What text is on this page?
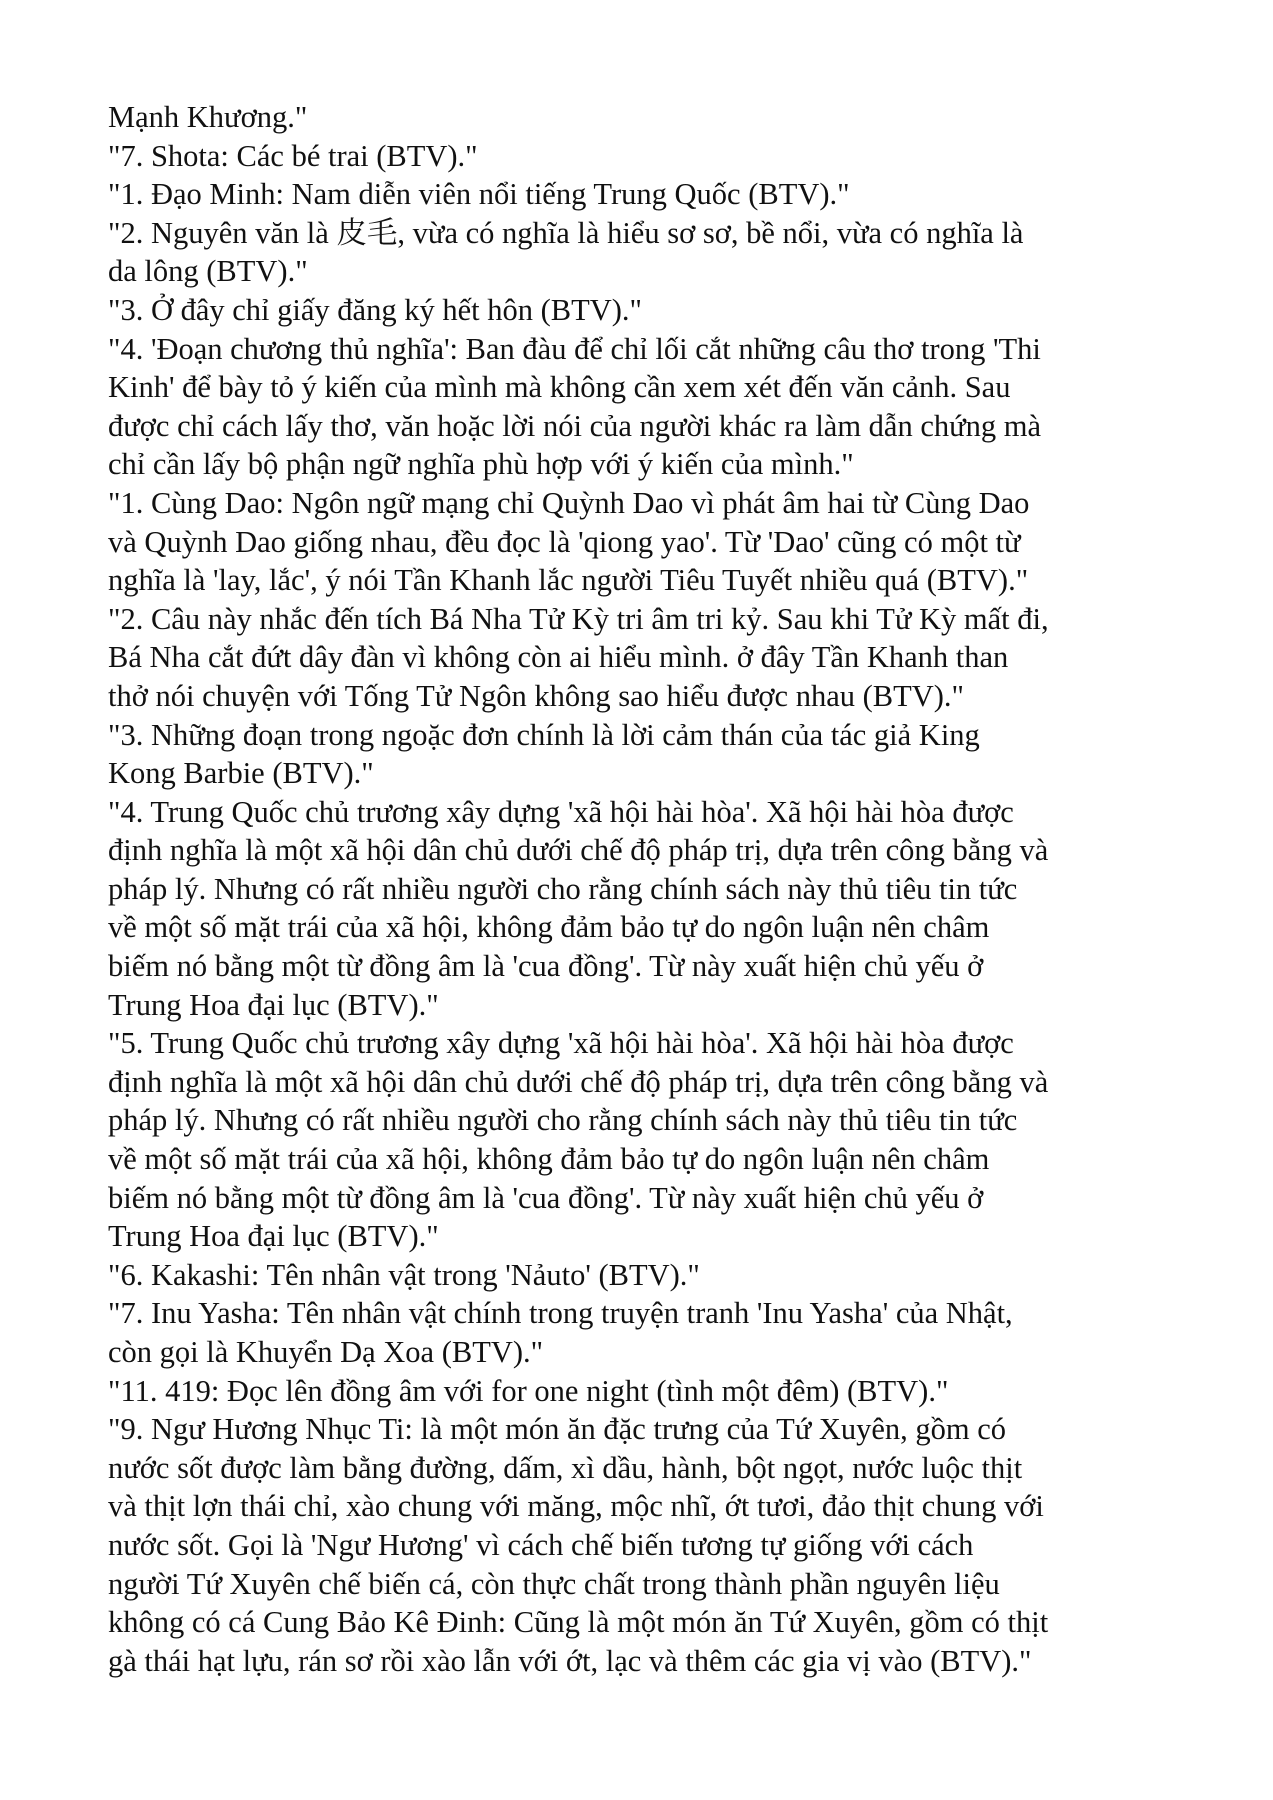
Mạnh Khương."
"7. Shota: Các bé trai (BTV)."
"1. Đạo Minh: Nam diễn viên nổi tiếng Trung Quốc (BTV)."
"2. Nguyên văn là 皮毛, vừa có nghĩa là hiểu sơ sơ, bề nổi, vừa có nghĩa là
da lông (BTV)."
"3. Ở đây chỉ giấy đăng ký hết hôn (BTV)."
"4. 'Đoạn chương thủ nghĩa': Ban đàu để chỉ lối cắt những câu thơ trong 'Thi
Kinh' để bày tỏ ý kiến của mình mà không cần xem xét đến văn cảnh. Sau
được chỉ cách lấy thơ, văn hoặc lời nói của người khác ra làm dẫn chứng mà
chỉ cần lấy bộ phận ngữ nghĩa phù hợp với ý kiến của mình."
"1. Cùng Dao: Ngôn ngữ mạng chỉ Quỳnh Dao vì phát âm hai từ Cùng Dao
và Quỳnh Dao giống nhau, đều đọc là 'qiong yao'. Từ 'Dao' cũng có một từ
nghĩa là 'lay, lắc', ý nói Tần Khanh lắc người Tiêu Tuyết nhiều quá (BTV)."
"2. Câu này nhắc đến tích Bá Nha Tử Kỳ tri âm tri kỷ. Sau khi Tử Kỳ mất đi,
Bá Nha cắt đứt dây đàn vì không còn ai hiểu mình. ở đây Tần Khanh than
thở nói chuyện với Tống Tử Ngôn không sao hiểu được nhau (BTV)."
"3. Những đoạn trong ngoặc đơn chính là lời cảm thán của tác giả King
Kong Barbie (BTV)."
"4. Trung Quốc chủ trương xây dựng 'xã hội hài hòa'. Xã hội hài hòa được
định nghĩa là một xã hội dân chủ dưới chế độ pháp trị, dựa trên công bằng và
pháp lý. Nhưng có rất nhiều người cho rằng chính sách này thủ tiêu tin tức
về một số mặt trái của xã hội, không đảm bảo tự do ngôn luận nên châm
biếm nó bằng một từ đồng âm là 'cua đồng'. Từ này xuất hiện chủ yếu ở
Trung Hoa đại lục (BTV)."
"5. Trung Quốc chủ trương xây dựng 'xã hội hài hòa'. Xã hội hài hòa được
định nghĩa là một xã hội dân chủ dưới chế độ pháp trị, dựa trên công bằng và
pháp lý. Nhưng có rất nhiều người cho rằng chính sách này thủ tiêu tin tức
về một số mặt trái của xã hội, không đảm bảo tự do ngôn luận nên châm
biếm nó bằng một từ đồng âm là 'cua đồng'. Từ này xuất hiện chủ yếu ở
Trung Hoa đại lục (BTV)."
"6. Kakashi: Tên nhân vật trong 'Nảuto' (BTV)."
"7. Inu Yasha: Tên nhân vật chính trong truyện tranh 'Inu Yasha' của Nhật,
còn gọi là Khuyển Dạ Xoa (BTV)."
"11. 419: Đọc lên đồng âm với for one night (tình một đêm) (BTV)."
"9. Ngư Hương Nhục Ti: là một món ăn đặc trưng của Tứ Xuyên, gồm có
nước sốt được làm bằng đường, dấm, xì dầu, hành, bột ngọt, nước luộc thịt
và thịt lợn thái chỉ, xào chung với măng, mộc nhĩ, ớt tươi, đảo thịt chung với
nước sốt. Gọi là 'Ngư Hương' vì cách chế biến tương tự giống với cách
người Tứ Xuyên chế biến cá, còn thực chất trong thành phần nguyên liệu
không có cá Cung Bảo Kê Đinh: Cũng là một món ăn Tứ Xuyên, gồm có thịt
gà thái hạt lựu, rán sơ rồi xào lẫn với ớt, lạc và thêm các gia vị vào (BTV)."
